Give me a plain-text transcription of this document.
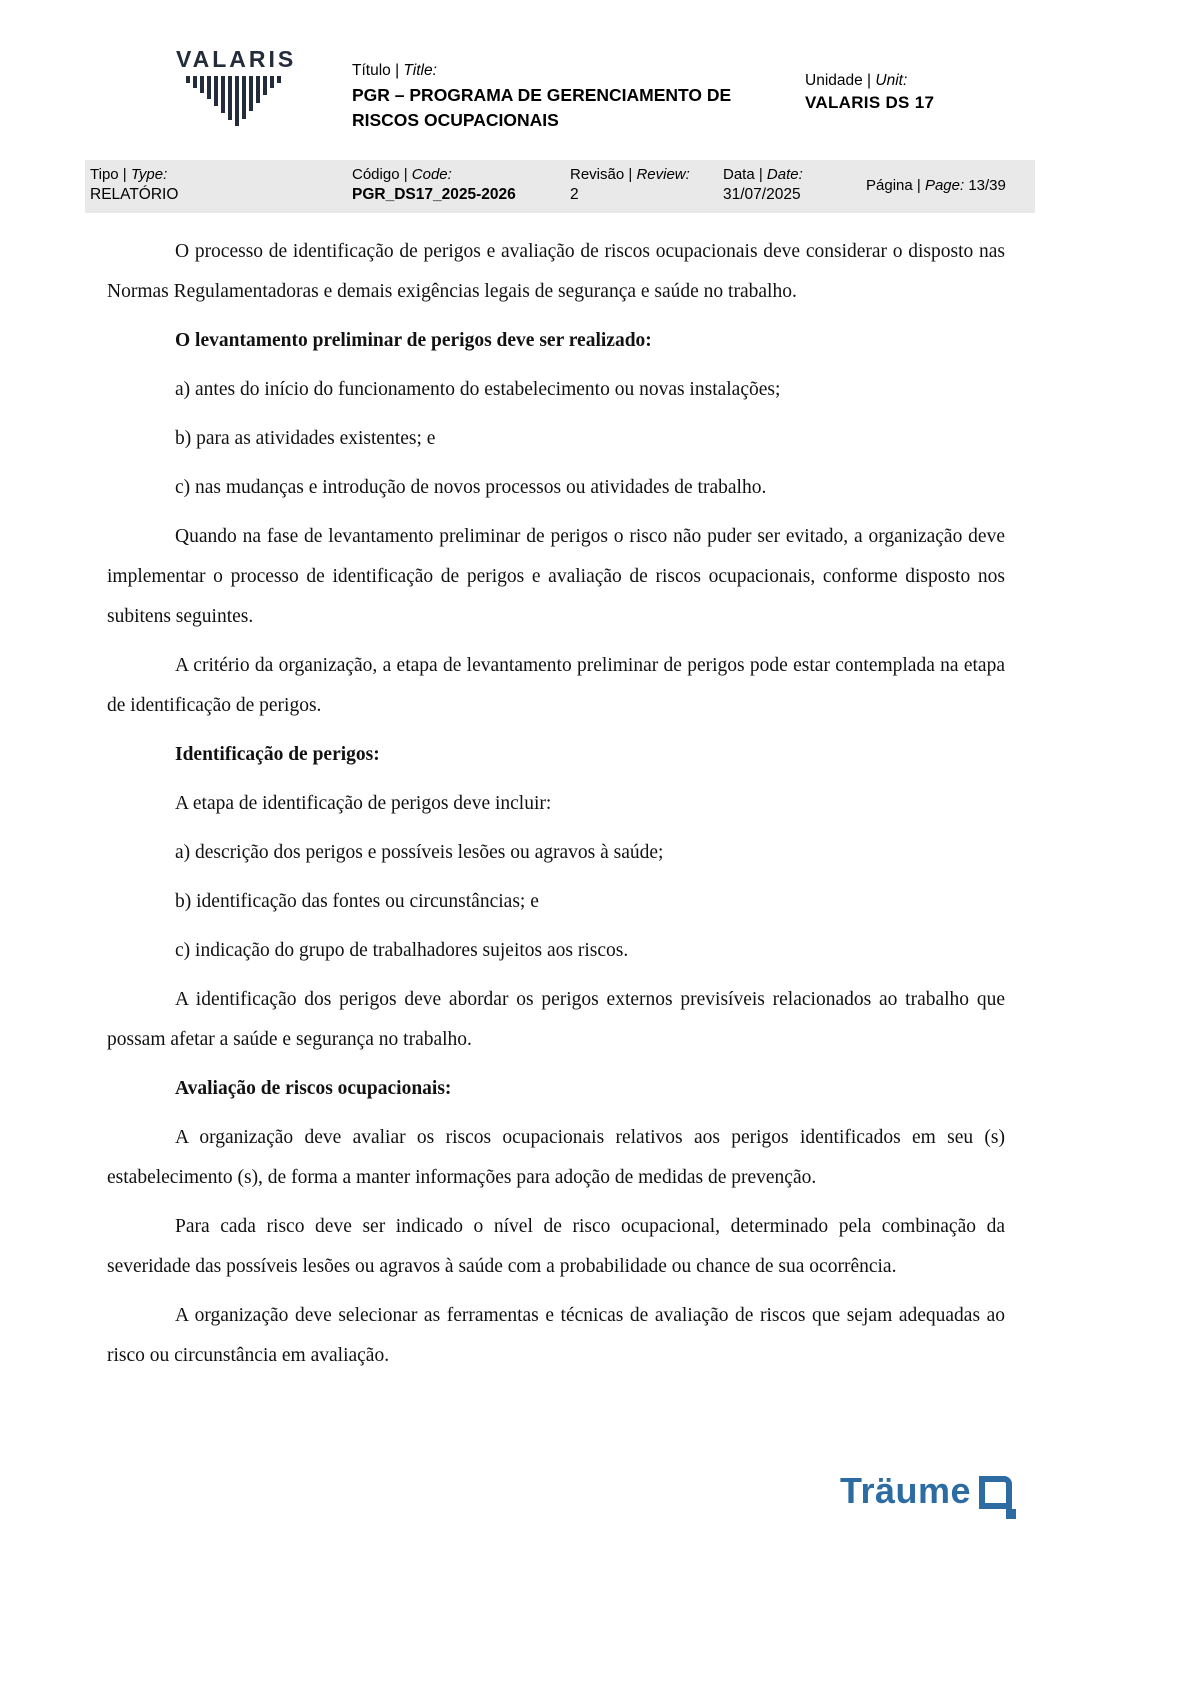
VALARIS	Título | Title:
PGR – PROGRAMA DE GERENCIAMENTO DE RISCOS OCUPACIONAIS
Unidade | Unit:
VALARIS DS 17
Tipo | Type:
RELATÓRIO
Código | Code:
PGR_DS17_2025-2026
Revisão | Review:
2
Data | Date:
31/07/2025
Página | Page: 13/39

O processo de identificação de perigos e avaliação de riscos ocupacionais deve considerar o disposto nas Normas Regulamentadoras e demais exigências legais de segurança e saúde no trabalho.

O levantamento preliminar de perigos deve ser realizado:

a) antes do início do funcionamento do estabelecimento ou novas instalações;

b) para as atividades existentes; e

c) nas mudanças e introdução de novos processos ou atividades de trabalho.

Quando na fase de levantamento preliminar de perigos o risco não puder ser evitado, a organização deve implementar o processo de identificação de perigos e avaliação de riscos ocupacionais, conforme disposto nos subitens seguintes.

A critério da organização, a etapa de levantamento preliminar de perigos pode estar contemplada na etapa de identificação de perigos.

Identificação de perigos:

A etapa de identificação de perigos deve incluir:

a) descrição dos perigos e possíveis lesões ou agravos à saúde;

b) identificação das fontes ou circunstâncias; e

c) indicação do grupo de trabalhadores sujeitos aos riscos.

A identificação dos perigos deve abordar os perigos externos previsíveis relacionados ao trabalho que possam afetar a saúde e segurança no trabalho.

Avaliação de riscos ocupacionais:

A organização deve avaliar os riscos ocupacionais relativos aos perigos identificados em seu (s) estabelecimento (s), de forma a manter informações para adoção de medidas de prevenção.

Para cada risco deve ser indicado o nível de risco ocupacional, determinado pela combinação da severidade das possíveis lesões ou agravos à saúde com a probabilidade ou chance de sua ocorrência.

A organização deve selecionar as ferramentas e técnicas de avaliação de riscos que sejam adequadas ao risco ou circunstância em avaliação.

Träume
